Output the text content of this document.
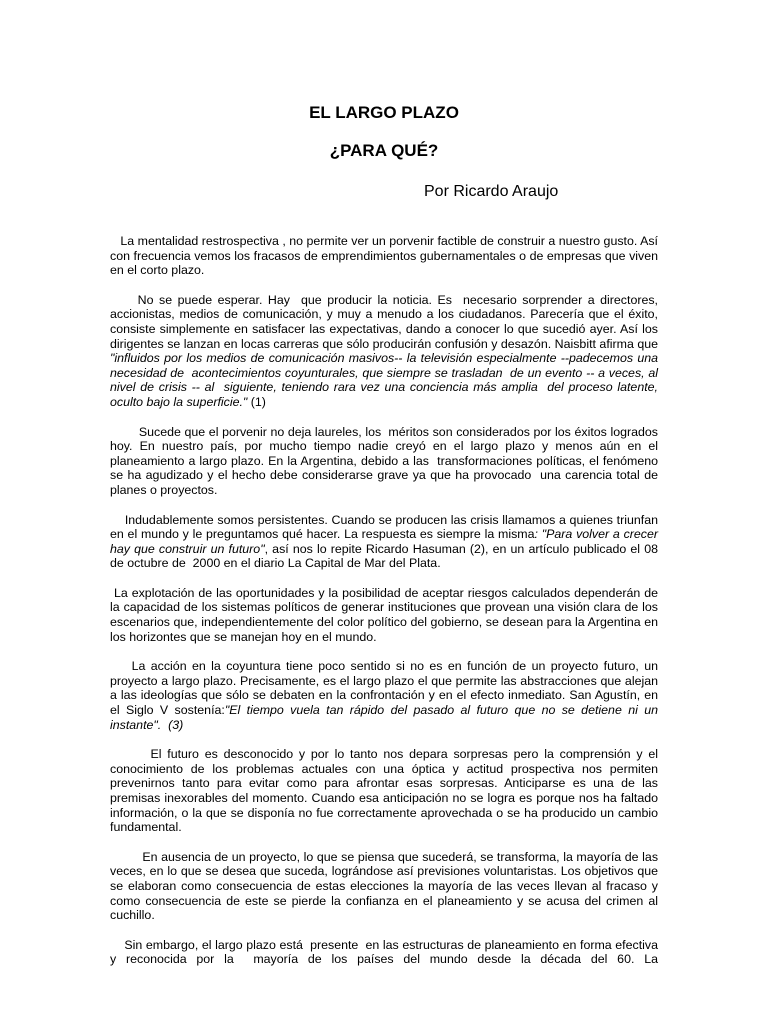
EL LARGO PLAZO
¿PARA QUÉ?

Por Ricardo Araujo

La mentalidad restrospectiva , no permite ver un porvenir factible de construir a nuestro gusto. Así con frecuencia vemos los fracasos de emprendimientos gubernamentales o de empresas que viven en el corto plazo.

No se puede esperar. Hay  que producir la noticia. Es  necesario sorprender a directores, accionistas, medios de comunicación, y muy a menudo a los ciudadanos. Parecería que el éxito, consiste simplemente en satisfacer las expectativas, dando a conocer lo que sucedió ayer. Así los dirigentes se lanzan en locas carreras que sólo producirán confusión y desazón. Naisbitt afirma que "influidos por los medios de comunicación masivos-- la televisión especialmente --padecemos una necesidad de  acontecimientos coyunturales, que siempre se trasladan  de un evento -- a veces, al nivel de crisis -- al  siguiente, teniendo rara vez una conciencia más amplia  del proceso latente, oculto bajo la superficie." (1)

Sucede que el porvenir no deja laureles, los  méritos son considerados por los éxitos logrados hoy. En nuestro país, por mucho tiempo nadie creyó en el largo plazo y menos aún en el planeamiento a largo plazo. En la Argentina, debido a las  transformaciones políticas, el fenómeno se ha agudizado y el hecho debe considerarse grave ya que ha provocado  una carencia total de planes o proyectos.

Indudablemente somos persistentes. Cuando se producen las crisis llamamos a quienes triunfan en el mundo y le preguntamos qué hacer. La respuesta es siempre la misma: "Para volver a crecer hay que construir un futuro", así nos lo repite Ricardo Hasuman (2), en un artículo publicado el 08 de octubre de  2000 en el diario La Capital de Mar del Plata.

La explotación de las oportunidades y la posibilidad de aceptar riesgos calculados dependerán de la capacidad de los sistemas políticos de generar instituciones que provean una visión clara de los escenarios que, independientemente del color político del gobierno, se desean para la Argentina en los horizontes que se manejan hoy en el mundo.

La acción en la coyuntura tiene poco sentido si no es en función de un proyecto futuro, un proyecto a largo plazo. Precisamente, es el largo plazo el que permite las abstracciones que alejan a las ideologías que sólo se debaten en la confrontación y en el efecto inmediato. San Agustín, en el Siglo V sostenía:"El tiempo vuela tan rápido del pasado al futuro que no se detiene ni un instante".  (3)

El futuro es desconocido y por lo tanto nos depara sorpresas pero la comprensión y el conocimiento de los problemas actuales con una óptica y actitud prospectiva nos permiten prevenirnos tanto para evitar como para afrontar esas sorpresas. Anticiparse es una de las premisas inexorables del momento. Cuando esa anticipación no se logra es porque nos ha faltado información, o la que se disponía no fue correctamente aprovechada o se ha producido un cambio fundamental.

En ausencia de un proyecto, lo que se piensa que sucederá, se transforma, la mayoría de las veces, en lo que se desea que suceda, lográndose así previsiones voluntaristas. Los objetivos que se elaboran como consecuencia de estas elecciones la mayoría de las veces llevan al fracaso y como consecuencia de este se pierde la confianza en el planeamiento y se acusa del crimen al cuchillo.

Sin embargo, el largo plazo está  presente  en las estructuras de planeamiento en forma efectiva y reconocida por la  mayoría de los países del mundo desde la década del 60. La
